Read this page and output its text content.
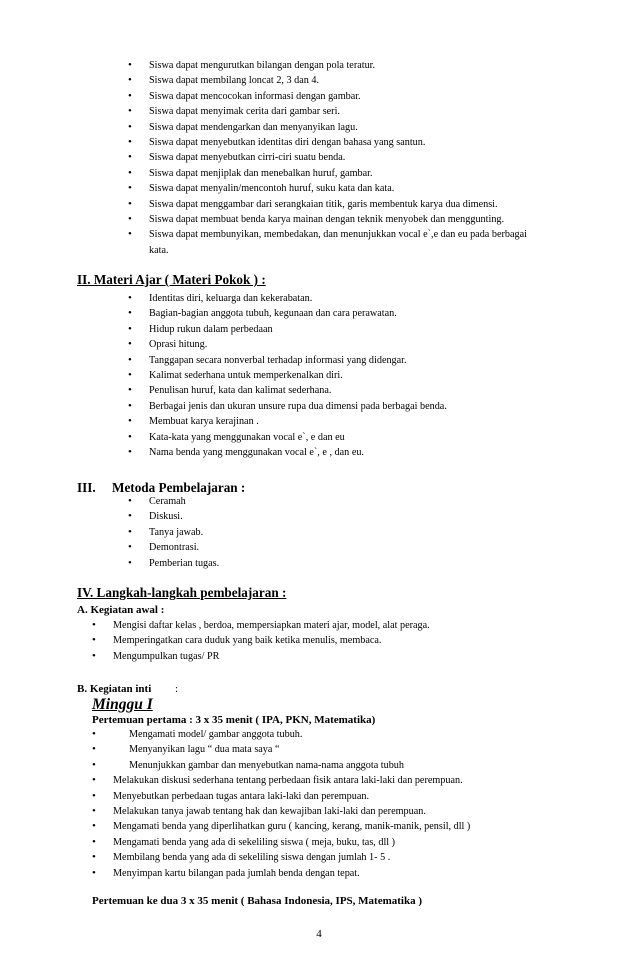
• Siswa dapat mengurutkan bilangan dengan pola teratur.
• Siswa dapat membilang loncat 2, 3 dan 4.
• Siswa dapat mencocokan informasi dengan gambar.
• Siswa dapat menyimak cerita dari gambar seri.
• Siswa dapat mendengarkan dan menyanyikan lagu.
• Siswa dapat menyebutkan identitas diri dengan bahasa yang santun.
• Siswa dapat menyebutkan cirri-ciri suatu benda.
• Siswa dapat menjiplak dan menebalkan huruf, gambar.
• Siswa dapat menyalin/mencontoh huruf, suku kata dan kata.
• Siswa dapat menggambar dari serangkaian titik, garis membentuk karya dua dimensi.
• Siswa dapat membuat benda karya mainan dengan teknik menyobek dan menggunting.
• Siswa dapat membunyikan, membedakan, dan menunjukkan vocal e`,e dan eu pada berbagai kata.
II. Materi Ajar ( Materi Pokok ) :
• Identitas diri, keluarga dan kekerabatan.
• Bagian-bagian anggota tubuh, kegunaan dan cara perawatan.
• Hidup rukun dalam perbedaan
• Oprasi hitung.
• Tanggapan secara nonverbal terhadap informasi yang didengar.
• Kalimat sederhana untuk memperkenalkan diri.
• Penulisan huruf, kata dan kalimat sederhana.
• Berbagai jenis dan ukuran unsure rupa dua dimensi pada berbagai benda.
• Membuat karya kerajinan .
• Kata-kata yang menggunakan vocal e`, e dan eu
• Nama benda yang menggunakan vocal e`, e , dan eu.
III. Metoda Pembelajaran :
• Ceramah
• Diskusi.
• Tanya jawab.
• Demontrasi.
• Pemberian tugas.
IV. Langkah-langkah pembelajaran :
A. Kegiatan awal :
• Mengisi daftar kelas , berdoa, mempersiapkan materi ajar, model, alat peraga.
• Memperingatkan cara duduk yang baik ketika menulis, membaca.
• Mengumpulkan tugas/ PR
B. Kegiatan inti :
Minggu I
Pertemuan pertama : 3 x 35 menit ( IPA, PKN, Matematika)
• Mengamati model/ gambar anggota tubuh.
• Menyanyikan lagu “ dua mata saya “
• Menunjukkan gambar dan menyebutkan nama-nama anggota tubuh
• Melakukan diskusi sederhana tentang perbedaan fisik antara laki-laki dan perempuan.
• Menyebutkan perbedaan tugas antara laki-laki dan perempuan.
• Melakukan tanya jawab tentang hak dan kewajiban laki-laki dan perempuan.
• Mengamati benda yang diperlihatkan guru ( kancing, kerang, manik-manik, pensil, dll )
• Mengamati benda yang ada di sekeliling siswa ( meja, buku, tas, dll )
• Membilang benda yang ada di sekeliling siswa dengan jumlah 1- 5 .
• Menyimpan kartu bilangan pada jumlah benda dengan tepat.
Pertemuan ke dua 3 x 35 menit ( Bahasa Indonesia, IPS, Matematika )
4
